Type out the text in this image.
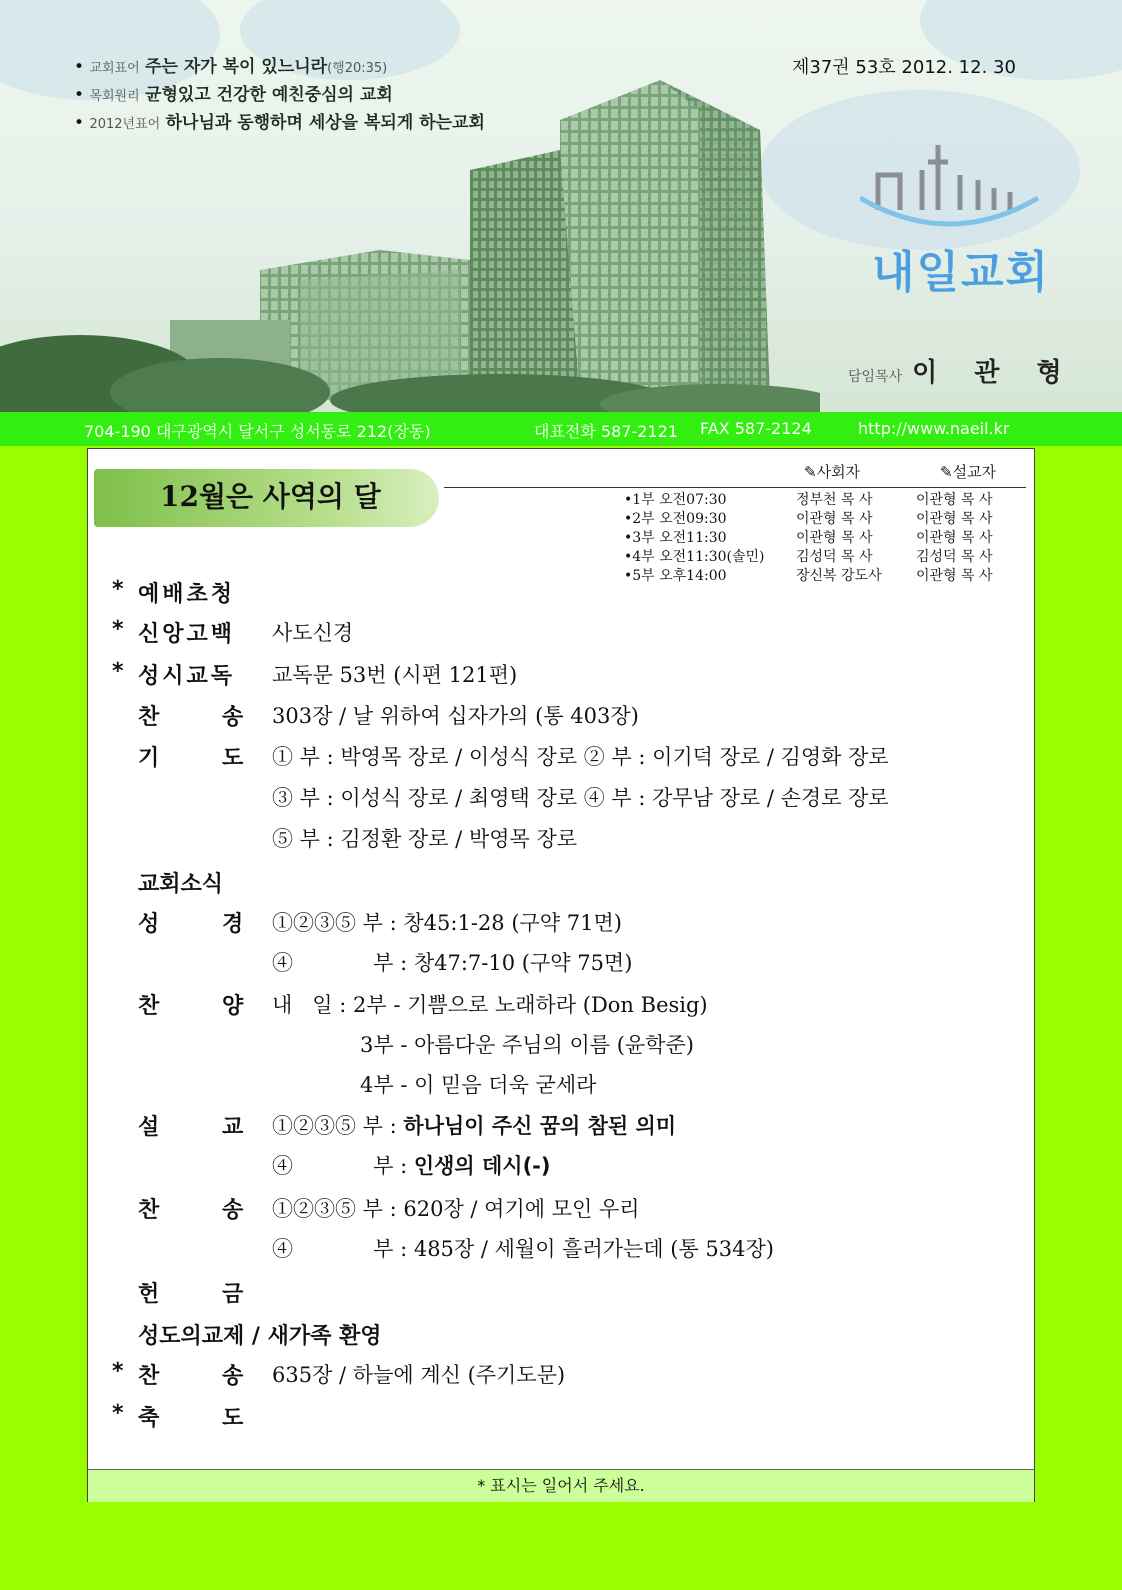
• 교회표어 주는 자가 복이 있느니라(행20:35)
• 목회원리 균형있고 건강한 예친중심의 교회
• 2012년표어 하나님과 동행하며 세상을 복되게 하는교회
제37권 53호 2012. 12. 30
내일교회
담임목사 이 관 형
704-190 대구광역시 달서구 성서동로 212(장동)	대표전화 587-2121 FAX 587-2124	http://www.naeil.kr
12월은 사역의 달
✎사회자	✎설교자
•1부 오전07:30	정부천 목 사	이관형 목 사
•2부 오전09:30	이관형 목 사	이관형 목 사
•3부 오전11:30	이관형 목 사	이관형 목 사
•4부 오전11:30(솔민) 김성덕 목 사	김성덕 목 사
•5부 오후14:00	장신복 강도사 이관형 목 사
* 예배초청
* 신앙고백 사도신경
* 성시교독 교독문 53번 (시편 121편)
찬	송 303장 / 날 위하여 십자가의 (통 403장)
기	도 ① 부 : 박영목 장로 / 이성식 장로 ② 부 : 이기덕 장로 / 김영화 장로
③ 부 : 이성식 장로 / 최영택 장로 ④ 부 : 강무남 장로 / 손경로 장로
⑤ 부 : 김정환 장로 / 박영목 장로
교회소식
성	경 ①②③⑤ 부 : 창45:1-28 (구약 71면)
④            부 : 창47:7-10 (구약 75면)
찬	양 내   일 : 2부 - 기쁨으로 노래하라 (Don Besig)
3부 - 아름다운 주님의 이름 (윤학준)
4부 - 이 믿음 더욱 굳세라
설	교 ①②③⑤ 부 : 하나님이 주신 꿈의 참된 의미
④            부 : 인생의 데시(-)
찬	송 ①②③⑤ 부 : 620장 / 여기에 모인 우리
④            부 : 485장 / 세월이 흘러가는데 (통 534장)
헌	금
성도의교제 / 새가족 환영
* 찬	송 635장 / 하늘에 계신 (주기도문)
* 축	도
* 표시는 일어서 주세요.
